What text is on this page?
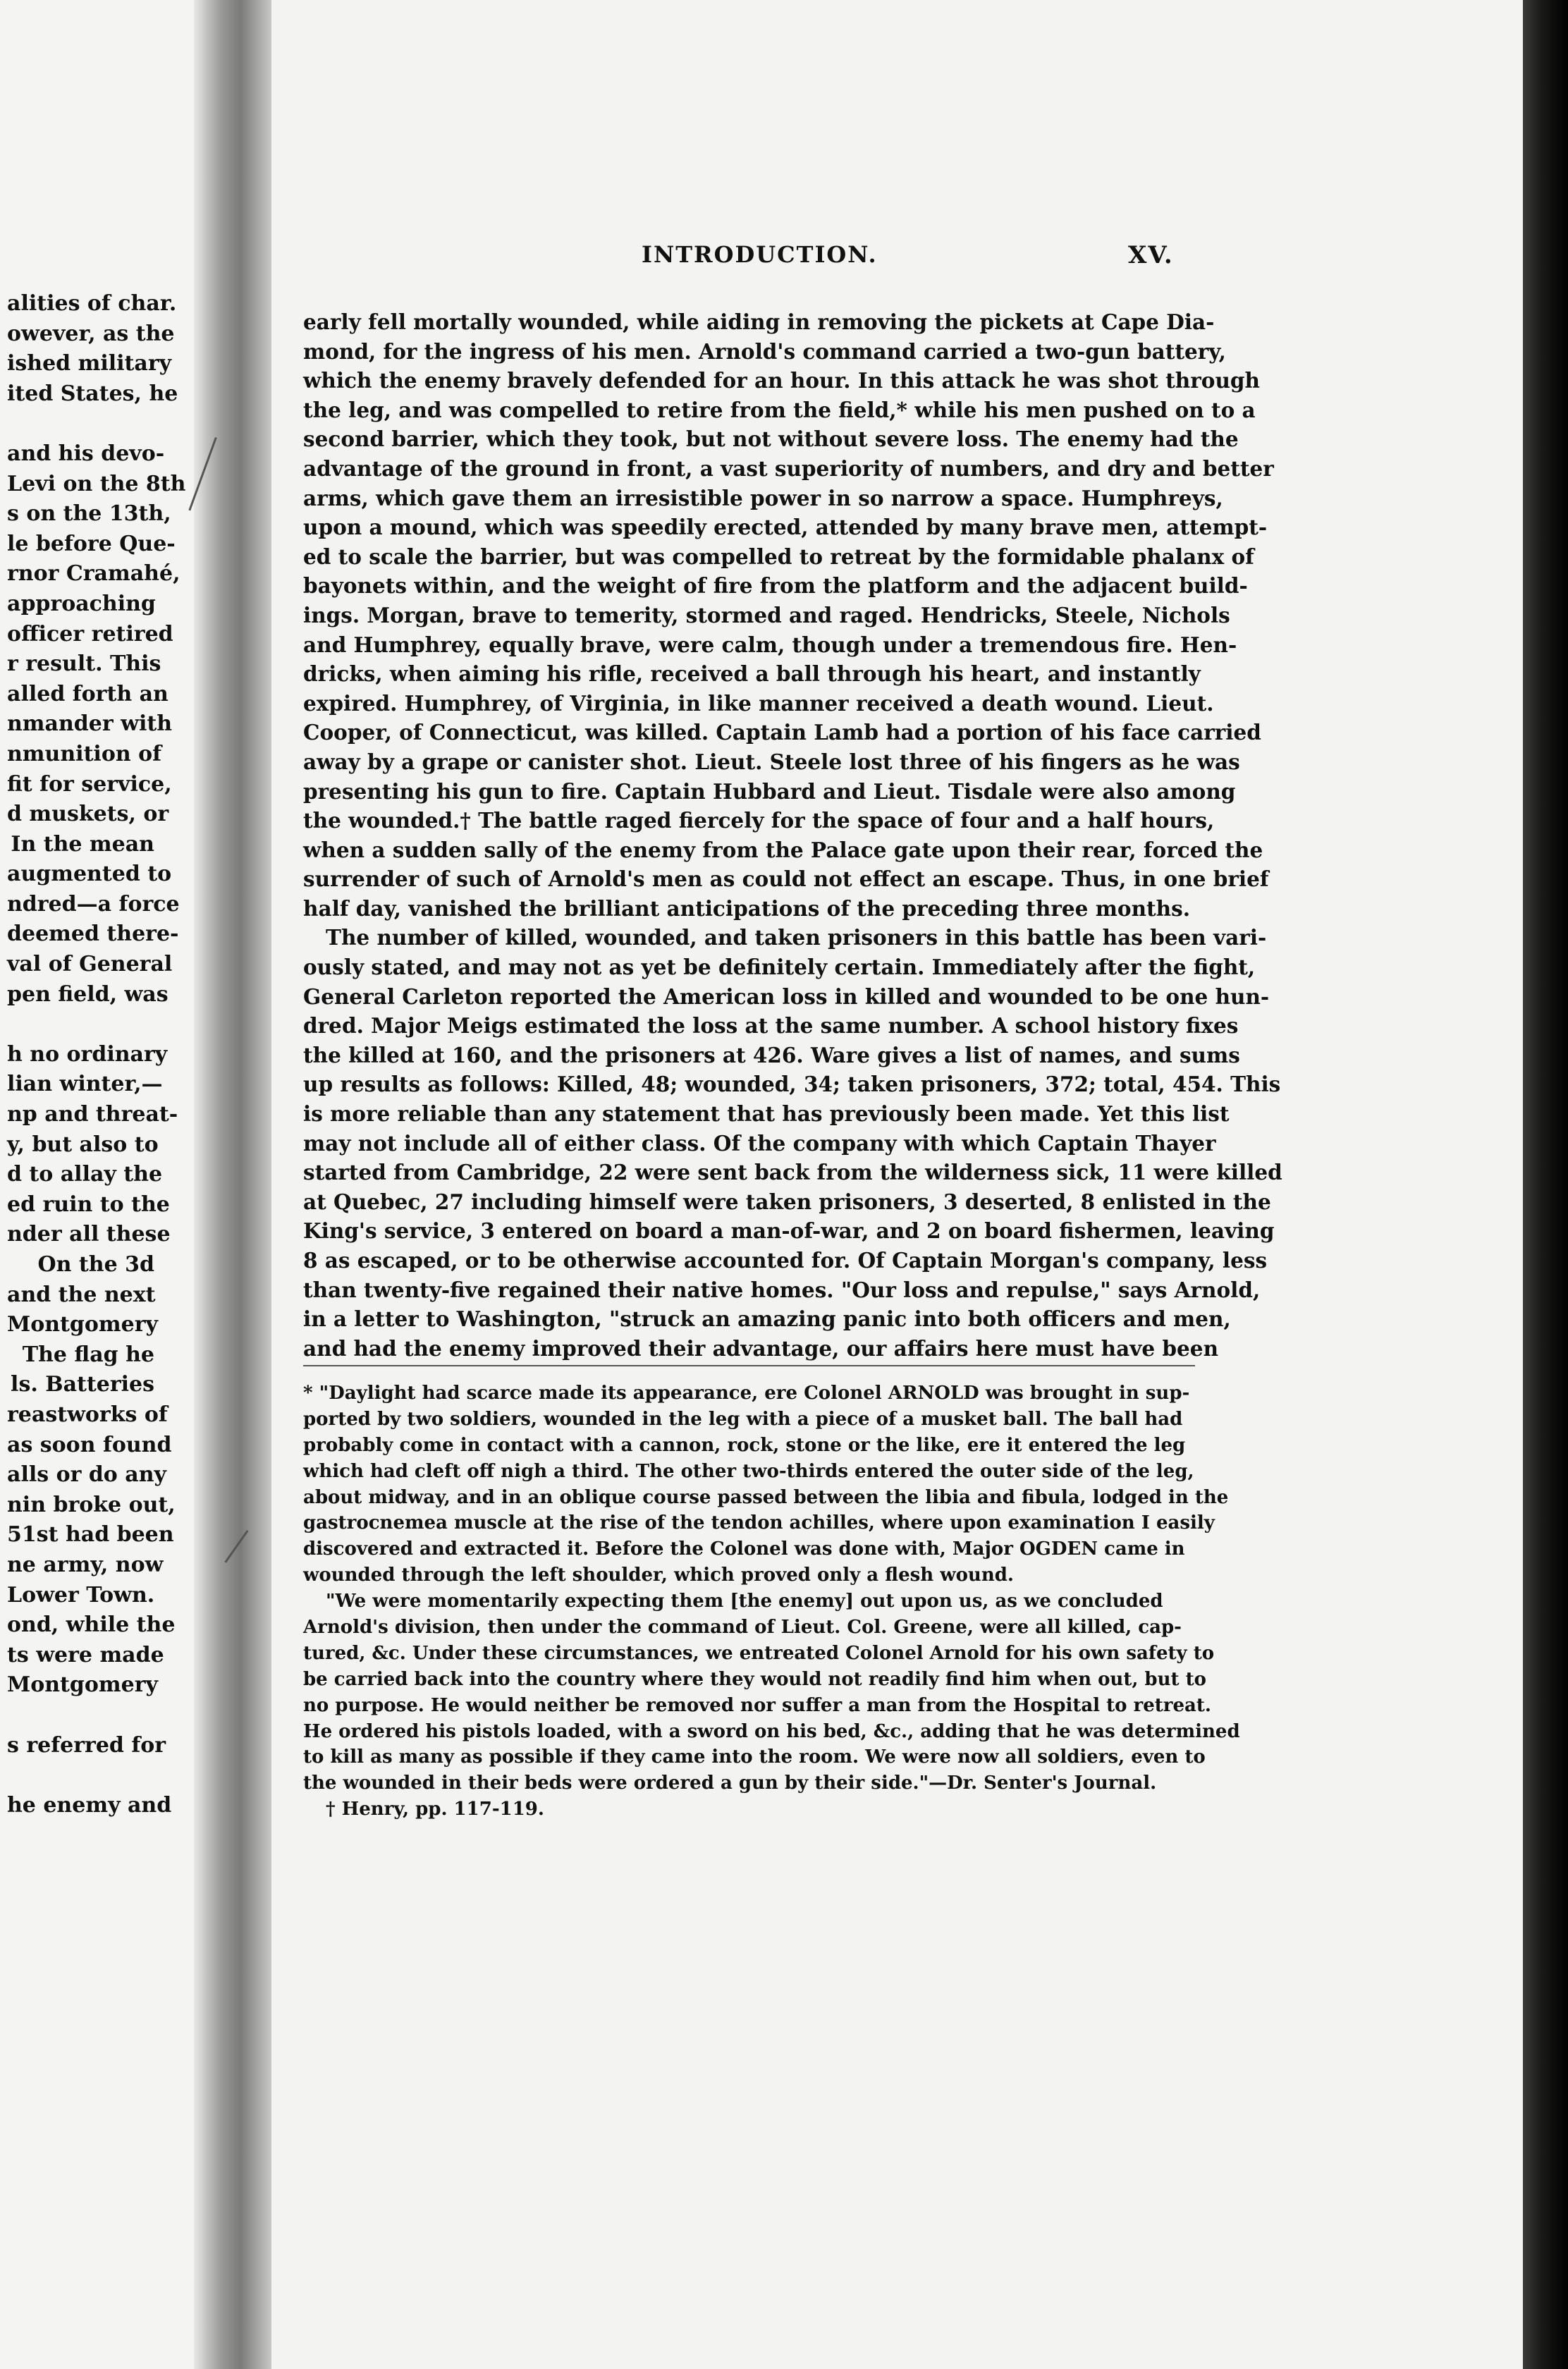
alities of char.
owever, as the
ished military
ited States, he
and his devo-
Levi on the 8th
s on the 13th,
le before Que-
rnor Cramahé,
approaching
officer retired
r result. This
alled forth an
nmander with
nmunition of
fit for service,
d muskets, or
In the mean
augmented to
ndred—a force
deemed there-
val of General
pen field, was
h no ordinary
lian winter,—
np and threat-
y, but also to
d to allay the
ed ruin to the
nder all these
On the 3d
and the next
Montgomery
The flag he
ls. Batteries
reastworks of
as soon found
alls or do any
nin broke out,
51st had been
ne army, now
Lower Town.
ond, while the
ts were made
Montgomery
s referred for
he enemy and
INTRODUCTION.	XV.
early fell mortally wounded, while aiding in removing the pickets at Cape Dia-
mond, for the ingress of his men. Arnold's command carried a two-gun battery,
which the enemy bravely defended for an hour. In this attack he was shot through
the leg, and was compelled to retire from the field,* while his men pushed on to a
second barrier, which they took, but not without severe loss. The enemy had the
advantage of the ground in front, a vast superiority of numbers, and dry and better
arms, which gave them an irresistible power in so narrow a space. Humphreys,
upon a mound, which was speedily erected, attended by many brave men, attempt-
ed to scale the barrier, but was compelled to retreat by the formidable phalanx of
bayonets within, and the weight of fire from the platform and the adjacent build-
ings. Morgan, brave to temerity, stormed and raged. Hendricks, Steele, Nichols
and Humphrey, equally brave, were calm, though under a tremendous fire. Hen-
dricks, when aiming his rifle, received a ball through his heart, and instantly
expired. Humphrey, of Virginia, in like manner received a death wound. Lieut.
Cooper, of Connecticut, was killed. Captain Lamb had a portion of his face carried
away by a grape or canister shot. Lieut. Steele lost three of his fingers as he was
presenting his gun to fire. Captain Hubbard and Lieut. Tisdale were also among
the wounded.† The battle raged fiercely for the space of four and a half hours,
when a sudden sally of the enemy from the Palace gate upon their rear, forced the
surrender of such of Arnold's men as could not effect an escape. Thus, in one brief
half day, vanished the brilliant anticipations of the preceding three months.
The number of killed, wounded, and taken prisoners in this battle has been vari-
ously stated, and may not as yet be definitely certain. Immediately after the fight,
General Carleton reported the American loss in killed and wounded to be one hun-
dred. Major Meigs estimated the loss at the same number. A school history fixes
the killed at 160, and the prisoners at 426. Ware gives a list of names, and sums
up results as follows: Killed, 48; wounded, 34; taken prisoners, 372; total, 454. This
is more reliable than any statement that has previously been made. Yet this list
may not include all of either class. Of the company with which Captain Thayer
started from Cambridge, 22 were sent back from the wilderness sick, 11 were killed
at Quebec, 27 including himself were taken prisoners, 3 deserted, 8 enlisted in the
King's service, 3 entered on board a man-of-war, and 2 on board fishermen, leaving
8 as escaped, or to be otherwise accounted for. Of Captain Morgan's company, less
than twenty-five regained their native homes. "Our loss and repulse," says Arnold,
in a letter to Washington, "struck an amazing panic into both officers and men,
and had the enemy improved their advantage, our affairs here must have been
* "Daylight had scarce made its appearance, ere Colonel ARNOLD was brought in sup-
ported by two soldiers, wounded in the leg with a piece of a musket ball. The ball had
probably come in contact with a cannon, rock, stone or the like, ere it entered the leg
which had cleft off nigh a third. The other two-thirds entered the outer side of the leg,
about midway, and in an oblique course passed between the libia and fibula, lodged in the
gastrocnemea muscle at the rise of the tendon achilles, where upon examination I easily
discovered and extracted it. Before the Colonel was done with, Major OGDEN came in
wounded through the left shoulder, which proved only a flesh wound.
"We were momentarily expecting them [the enemy] out upon us, as we concluded
Arnold's division, then under the command of Lieut. Col. Greene, were all killed, cap-
tured, &c. Under these circumstances, we entreated Colonel Arnold for his own safety to
be carried back into the country where they would not readily find him when out, but to
no purpose. He would neither be removed nor suffer a man from the Hospital to retreat.
He ordered his pistols loaded, with a sword on his bed, &c., adding that he was determined
to kill as many as possible if they came into the room. We were now all soldiers, even to
the wounded in their beds were ordered a gun by their side."—Dr. Senter's Journal.
† Henry, pp. 117-119.
